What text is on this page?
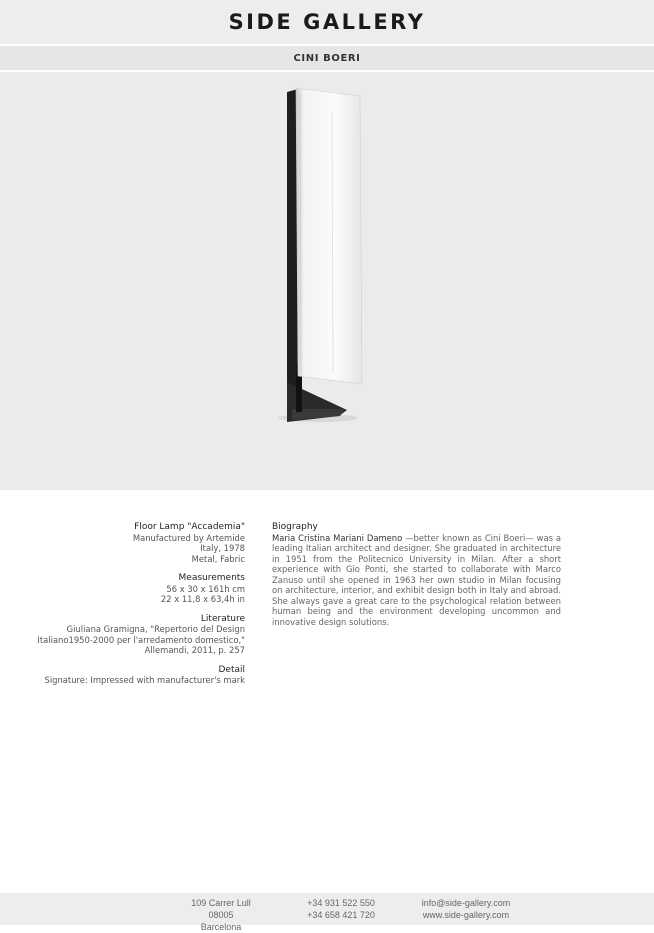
SIDE GALLERY
CINI BOERI

Floor Lamp "Accademia"

Manufactured by Artemide

Italy, 1978

Metal, Fabric

Measurements

56 x 30 x 161h cm

22 x 11,8 x 63,4h in

Literature

Giuliana Gramigna, "Repertorio del Design

Italiano1950-2000 per l'arredamento domestico,"

Allemandi, 2011, p. 257

Detail

Signature: Impressed with manufacturer's mark

Biography

Maria Cristina Mariani Dameno —better known as Cini Boeri— was a leading Italian architect and designer. She graduated in architecture in 1951 from the Politecnico University in Milan. After a short experience with Gio Ponti, she started to collaborate with Marco Zanuso until she opened in 1963 her own studio in Milan focusing on architecture, interior, and exhibit design both in Italy and abroad. She always gave a great care to the psychological relation between human being and the environment developing uncommon and innovative design solutions.

109 Carrer Lull
08005 Barcelona
+34 931 522 550
+34 658 421 720
info@side-gallery.com
www.side-gallery.com
